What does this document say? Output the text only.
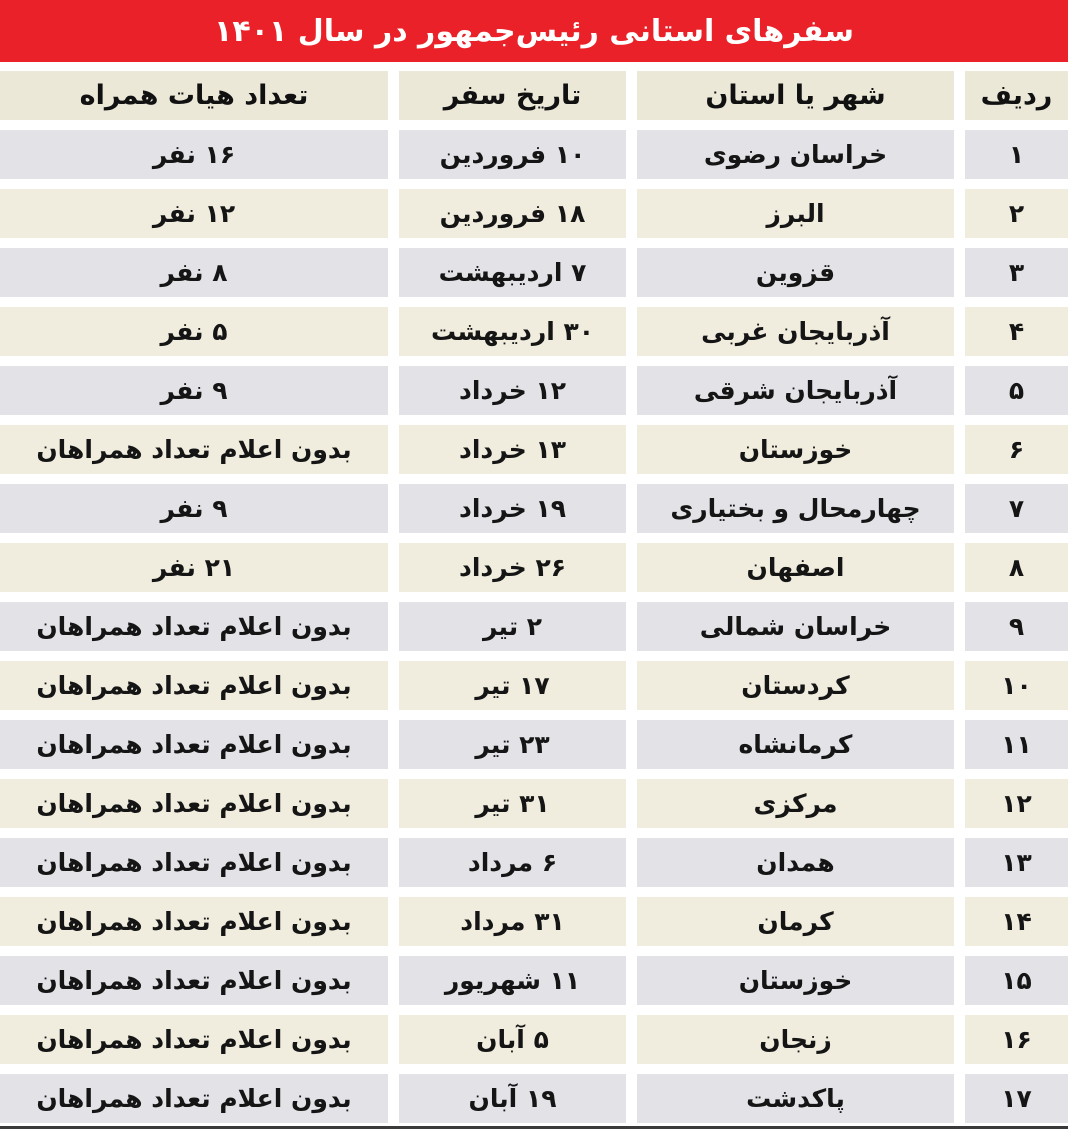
سفرهای استانی رئیس‌جمهور در سال ۱۴۰۱
ردیف
شهر یا استان
تاریخ سفر
تعداد هیات همراه
۱
خراسان رضوی
۱۰ فروردین
۱۶ نفر
۲
البرز
۱۸ فروردین
۱۲ نفر
۳
قزوین
۷ اردیبهشت
۸ نفر
۴
آذربایجان غربی
۳۰ اردیبهشت
۵ نفر
۵
آذربایجان شرقی
۱۲ خرداد
۹ نفر
۶
خوزستان
۱۳ خرداد
بدون اعلام تعداد همراهان
۷
چهارمحال و بختیاری
۱۹ خرداد
۹ نفر
۸
اصفهان
۲۶ خرداد
۲۱ نفر
۹
خراسان شمالی
۲ تیر
بدون اعلام تعداد همراهان
۱۰
کردستان
۱۷ تیر
بدون اعلام تعداد همراهان
۱۱
کرمانشاه
۲۳ تیر
بدون اعلام تعداد همراهان
۱۲
مرکزی
۳۱ تیر
بدون اعلام تعداد همراهان
۱۳
همدان
۶ مرداد
بدون اعلام تعداد همراهان
۱۴
کرمان
۳۱ مرداد
بدون اعلام تعداد همراهان
۱۵
خوزستان
۱۱ شهریور
بدون اعلام تعداد همراهان
۱۶
زنجان
۵ آبان
بدون اعلام تعداد همراهان
۱۷
پاکدشت
۱۹ آبان
بدون اعلام تعداد همراهان
